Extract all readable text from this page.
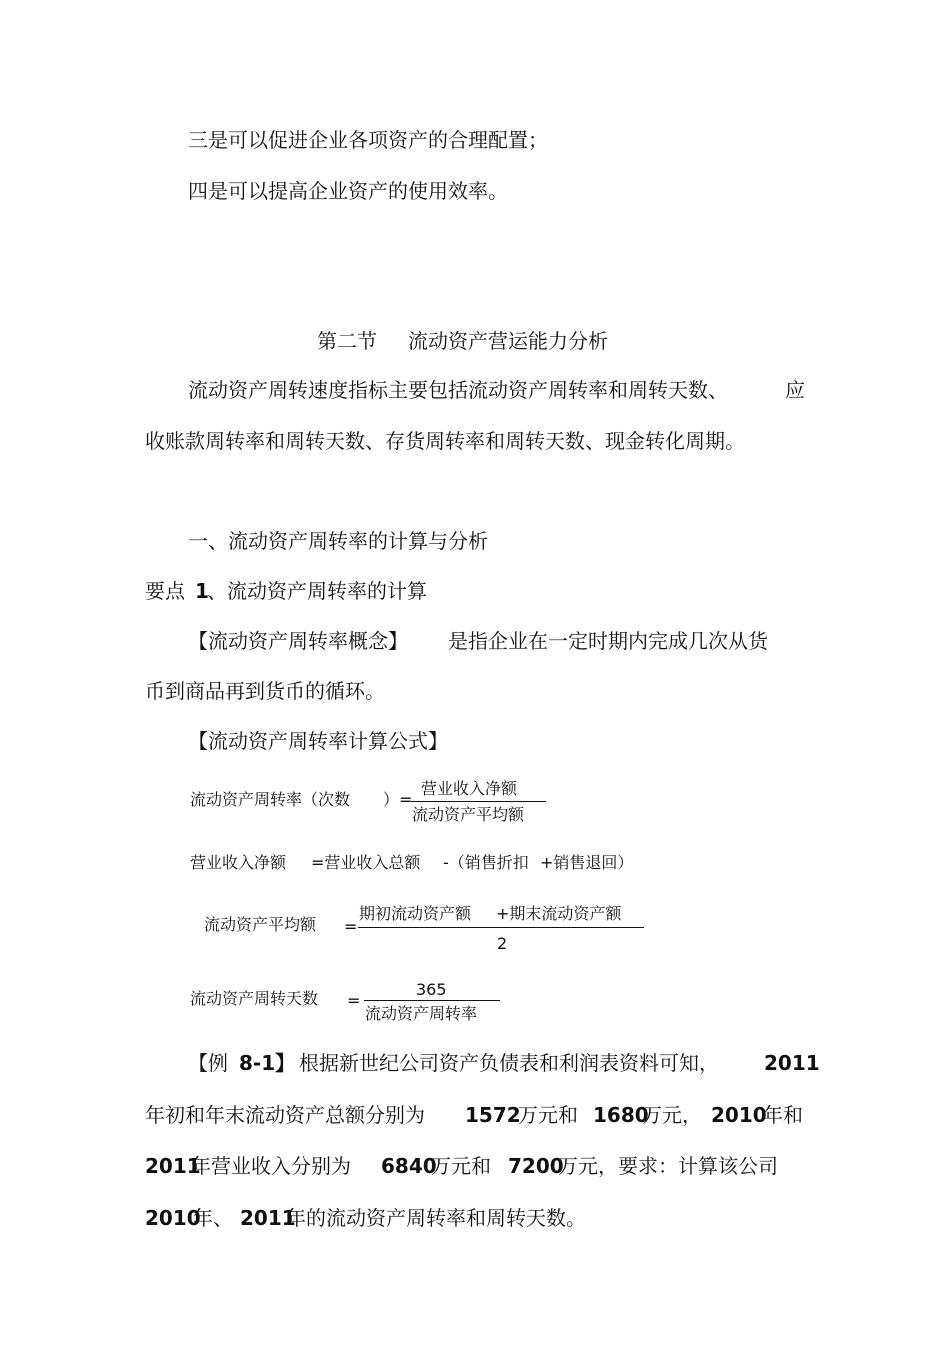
三是可以促进企业各项资产的合理配置；
四是可以提高企业资产的使用效率。
第二节 流动资产营运能力分析
流动资产周转速度指标主要包括流动资产周转率和周转天数、	应
收账款周转率和周转天数、存货周转率和周转天数、现金转化周期。
一、流动资产周转率的计算与分析
要点 1
、流动资产周转率的计算
【流动资产周转率概念】 是指企业在一定时期内完成几次从货
币到商品再到货币的循环。
【流动资产周转率计算公式】
流动资产周转率（次数 ）=
营业收入净额
流动资产平均额
营业收入净额 =营业收入总额 -（销售折扣 +销售退回）
流动资产平均额 =
期初流动资产额 +期末流动资产额
2
流动资产周转天数 =
365
流动资产周转率
【例 8-1】 根据新世纪公司资产负债表和利润表资料可知， 2011
年初和年末流动资产总额分别为 1572
万元和 1680
万元， 2010
年和
2011
年营业收入分别为 6840
万元和 7200
万元，要求：计算该公司
2010
年、 2011
年的流动资产周转率和周转天数。
